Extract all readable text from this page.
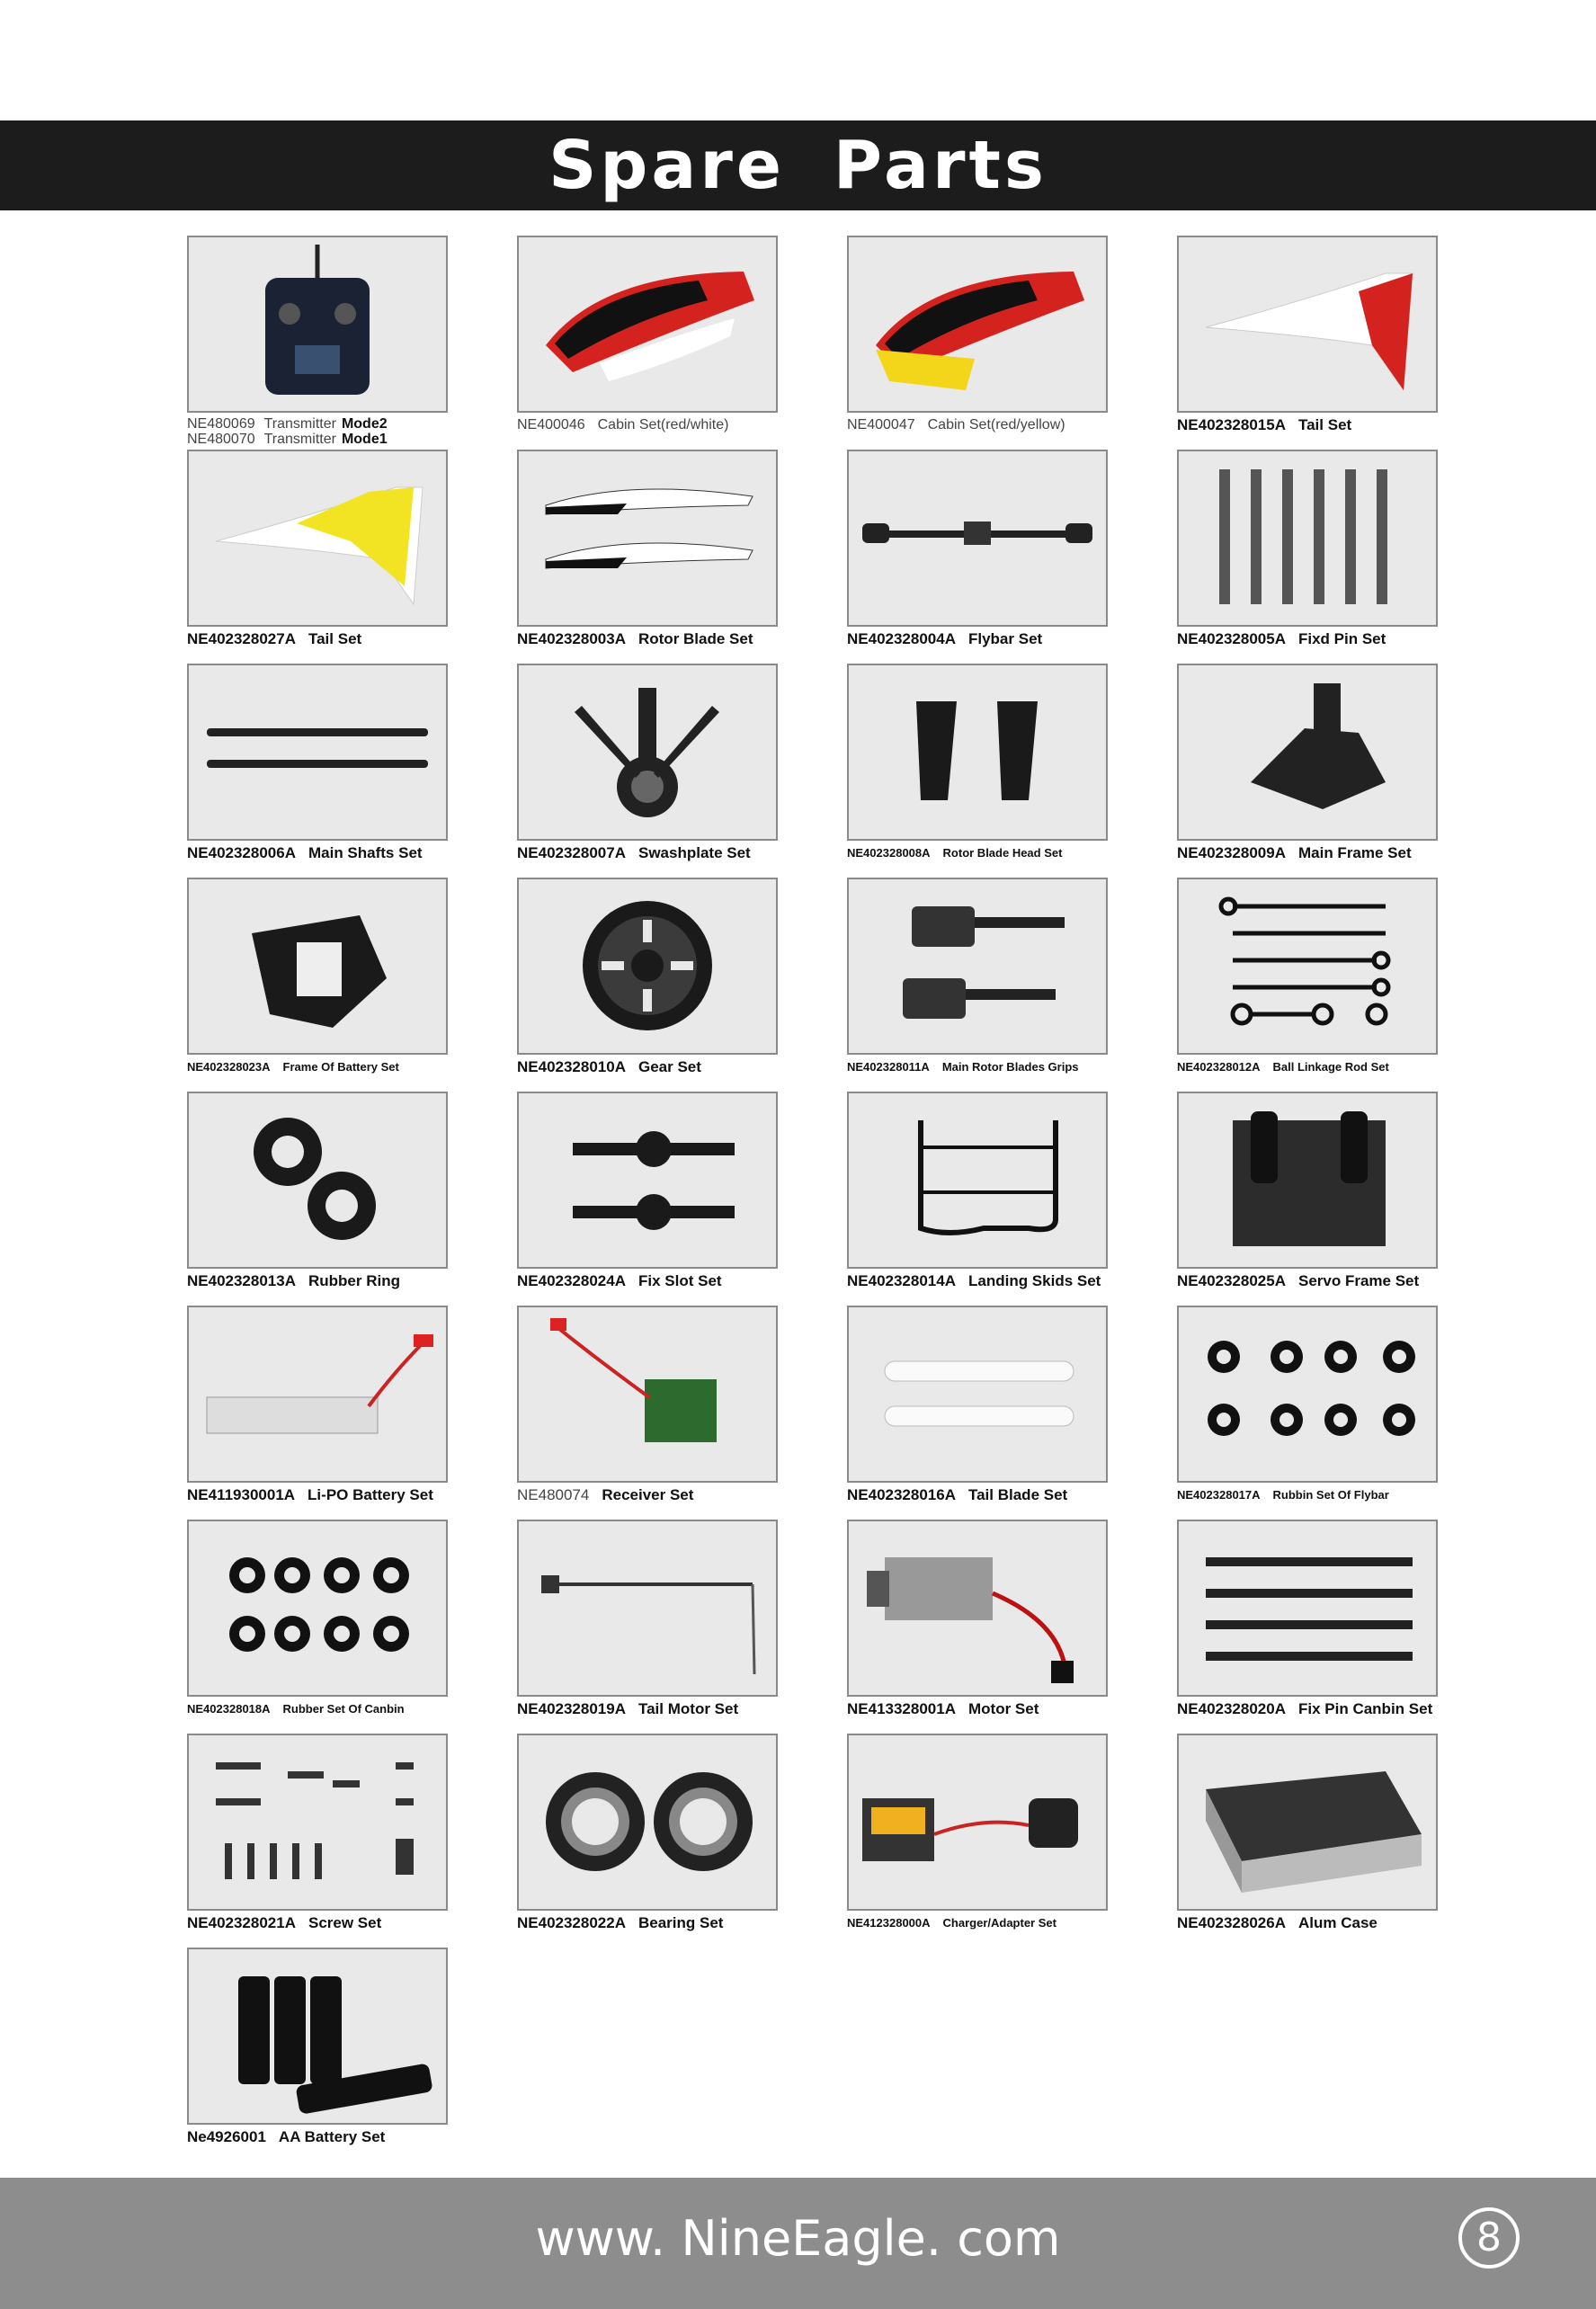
Spare Parts
NE480069 Transmitter Mode2
NE480070 Transmitter Mode1
NE400046 Cabin Set(red/white)	NE400047 Cabin Set(red/yellow)	NE402328015A Tail Set
NE402328027A Tail Set	NE402328003A Rotor Blade Set	NE402328004A Flybar Set	NE402328005A Fixd Pin Set
NE402328006A Main Shafts Set	NE402328007A Swashplate Set	NE402328008A Rotor Blade Head Set	NE402328009A Main Frame Set
NE402328023A Frame Of Battery Set	NE402328010A Gear Set	NE402328011A Main Rotor Blades Grips	NE402328012A Ball Linkage Rod Set
NE402328013A Rubber Ring	NE402328024A Fix Slot Set	NE402328014A Landing Skids Set	NE402328025A Servo Frame Set
NE411930001A Li-PO Battery Set	NE480074 Receiver Set	NE402328016A Tail Blade Set	NE402328017A Rubbin Set Of Flybar
NE402328018A Rubber Set Of Canbin	NE402328019A Tail Motor Set	NE413328001A Motor Set	NE402328020A Fix Pin Canbin Set
NE402328021A Screw Set	NE402328022A Bearing Set	NE412328000A Charger/Adapter Set	NE402328026A Alum Case
Ne4926001 AA Battery Set
www. NineEagle. com	8
